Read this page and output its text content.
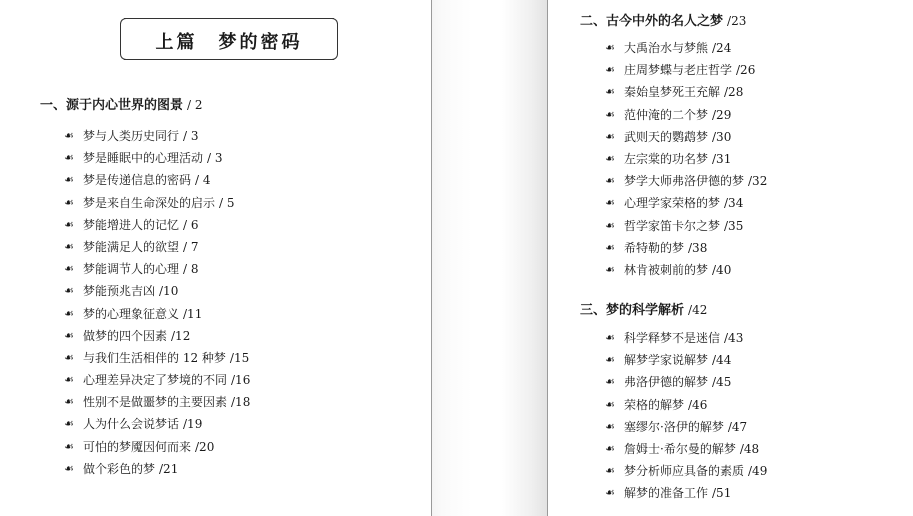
上篇　梦的密码
一、源于内心世界的图景 / 2
☙ 梦与人类历史同行 / 3
☙ 梦是睡眠中的心理活动 / 3
☙ 梦是传递信息的密码 / 4
☙ 梦是来自生命深处的启示 / 5
☙ 梦能增进人的记忆 / 6
☙ 梦能满足人的欲望 / 7
☙ 梦能调节人的心理 / 8
☙ 梦能预兆吉凶 /10
☙ 梦的心理象征意义 /11
☙ 做梦的四个因素 /12
☙ 与我们生活相伴的 12 种梦 /15
☙ 心理差异决定了梦境的不同 /16
☙ 性别不是做噩梦的主要因素 /18
☙ 人为什么会说梦话 /19
☙ 可怕的梦魇因何而来 /20
☙ 做个彩色的梦 /21
二、古今中外的名人之梦 /23
☙ 大禹治水与梦熊 /24
☙ 庄周梦蝶与老庄哲学 /26
☙ 秦始皇梦死王充解 /28
☙ 范仲淹的二个梦 /29
☙ 武则天的鹦鹉梦 /30
☙ 左宗棠的功名梦 /31
☙ 梦学大师弗洛伊德的梦 /32
☙ 心理学家荣格的梦 /34
☙ 哲学家笛卡尔之梦 /35
☙ 希特勒的梦 /38
☙ 林肯被刺前的梦 /40
三、梦的科学解析 /42
☙ 科学释梦不是迷信 /43
☙ 解梦学家说解梦 /44
☙ 弗洛伊德的解梦 /45
☙ 荣格的解梦 /46
☙ 塞缪尔·洛伊的解梦 /47
☙ 詹姆士·希尔曼的解梦 /48
☙ 梦分析师应具备的素质 /49
☙ 解梦的准备工作 /51
